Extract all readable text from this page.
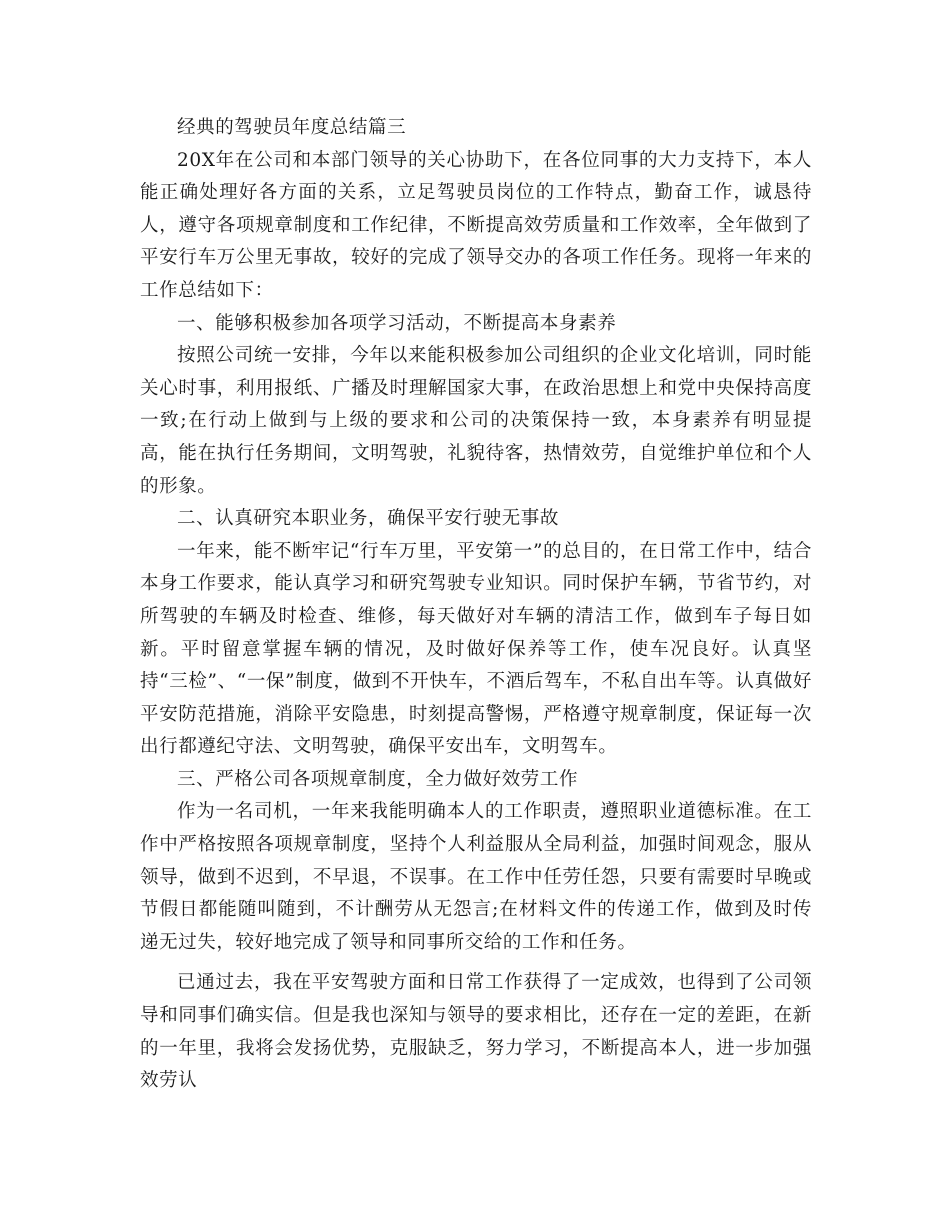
经典的驾驶员年度总结篇三

20X年在公司和本部门领导的关心协助下，在各位同事的大力支持下，本人能正确处理好各方面的关系，立足驾驶员岗位的工作特点，勤奋工作，诚恳待人，遵守各项规章制度和工作纪律，不断提高效劳质量和工作效率，全年做到了平安行车万公里无事故，较好的完成了领导交办的各项工作任务。现将一年来的工作总结如下：

一、能够积极参加各项学习活动，不断提高本身素养

按照公司统一安排，今年以来能积极参加公司组织的企业文化培训，同时能关心时事，利用报纸、广播及时理解国家大事，在政治思想上和党中央保持高度一致;在行动上做到与上级的要求和公司的决策保持一致，本身素养有明显提高，能在执行任务期间，文明驾驶，礼貌待客，热情效劳，自觉维护单位和个人的形象。

二、认真研究本职业务，确保平安行驶无事故

一年来，能不断牢记“行车万里，平安第一”的总目的，在日常工作中，结合本身工作要求，能认真学习和研究驾驶专业知识。同时保护车辆，节省节约，对所驾驶的车辆及时检查、维修，每天做好对车辆的清洁工作，做到车子每日如新。平时留意掌握车辆的情况，及时做好保养等工作，使车况良好。认真坚持“三检”、“一保”制度，做到不开快车，不酒后驾车，不私自出车等。认真做好平安防范措施，消除平安隐患，时刻提高警惕，严格遵守规章制度，保证每一次出行都遵纪守法、文明驾驶，确保平安出车，文明驾车。

三、严格公司各项规章制度，全力做好效劳工作

作为一名司机，一年来我能明确本人的工作职责，遵照职业道德标准。在工作中严格按照各项规章制度，坚持个人利益服从全局利益，加强时间观念，服从领导，做到不迟到，不早退，不误事。在工作中任劳任怨，只要有需要时早晚或节假日都能随叫随到，不计酬劳从无怨言;在材料文件的传递工作，做到及时传递无过失，较好地完成了领导和同事所交给的工作和任务。

已通过去，我在平安驾驶方面和日常工作获得了一定成效，也得到了公司领导和同事们确实信。但是我也深知与领导的要求相比，还存在一定的差距，在新的一年里，我将会发扬优势，克服缺乏，努力学习，不断提高本人，进一步加强效劳认
